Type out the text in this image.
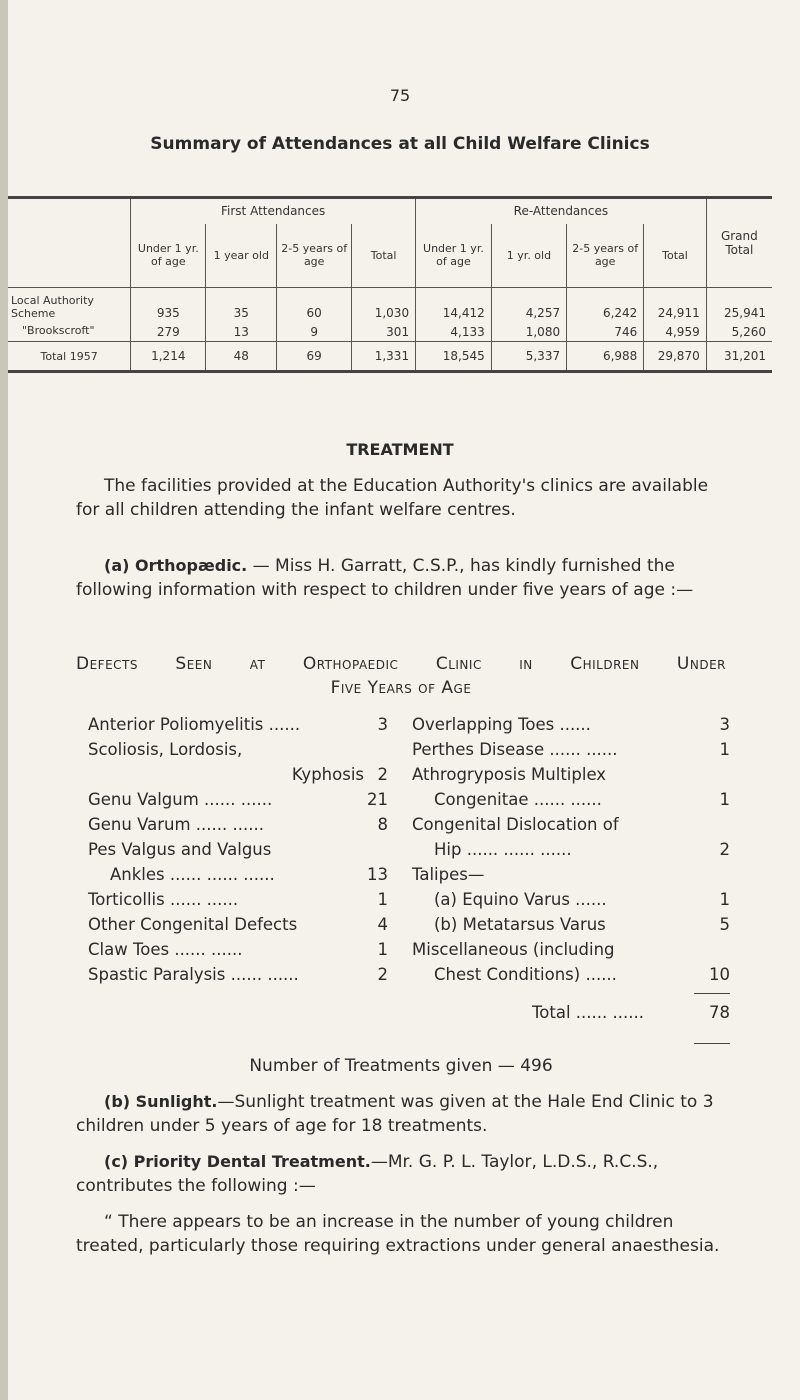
75
Summary of Attendances at all Child Welfare Clinics
	First Attendances				Re-Attendances				Grand Total
	Under 1 yr. of age	1 year old	2-5 years of age	Total	Under 1 yr. of age	1 yr. old	2-5 years of age	Total	
Local Authority Scheme	935	35	60	1,030	14,412	4,257	6,242	24,911	25,941
"Brookscroft"	279	13	9	301	4,133	1,080	746	4,959	5,260
Total 1957	1,214	48	69	1,331	18,545	5,337	6,988	29,870	31,201
TREATMENT

The facilities provided at the Education Authority's clinics are available for all children attending the infant welfare centres.

(a) Orthopædic. — Miss H. Garratt, C.S.P., has kindly furnished the following information with respect to children under five years of age :—

Defects Seen at Orthopaedic Clinic in Children Under
Five Years of Age
Anterior Poliomyelitis ......	3
Scoliosis, Lordosis,
Kyphosis 2
Genu Valgum ...... ......	21
Genu Varum ...... ......	8
Pes Valgus and Valgus
Ankles ...... ...... ......	13
Torticollis ...... ......	1
Other Congenital Defects	4
Claw Toes ...... ......	1
Spastic Paralysis ...... ......	2
Overlapping Toes ......	3
Perthes Disease ...... ......	1
Athrogryposis Multiplex
Congenitae ...... ......	1
Congenital Dislocation of
Hip ...... ...... ......	2
Talipes—
(a) Equino Varus ......	1
(b) Metatarsus Varus	5
Miscellaneous (including
Chest Conditions) ......	10
Total ...... ......	78
Number of Treatments given — 496

(b) Sunlight.—Sunlight treatment was given at the Hale End Clinic to 3 children under 5 years of age for 18 treatments.

(c) Priority Dental Treatment.—Mr. G. P. L. Taylor, L.D.S., R.C.S., contributes the following :—

“ There appears to be an increase in the number of young children treated, particularly those requiring extractions under general anaesthesia.
